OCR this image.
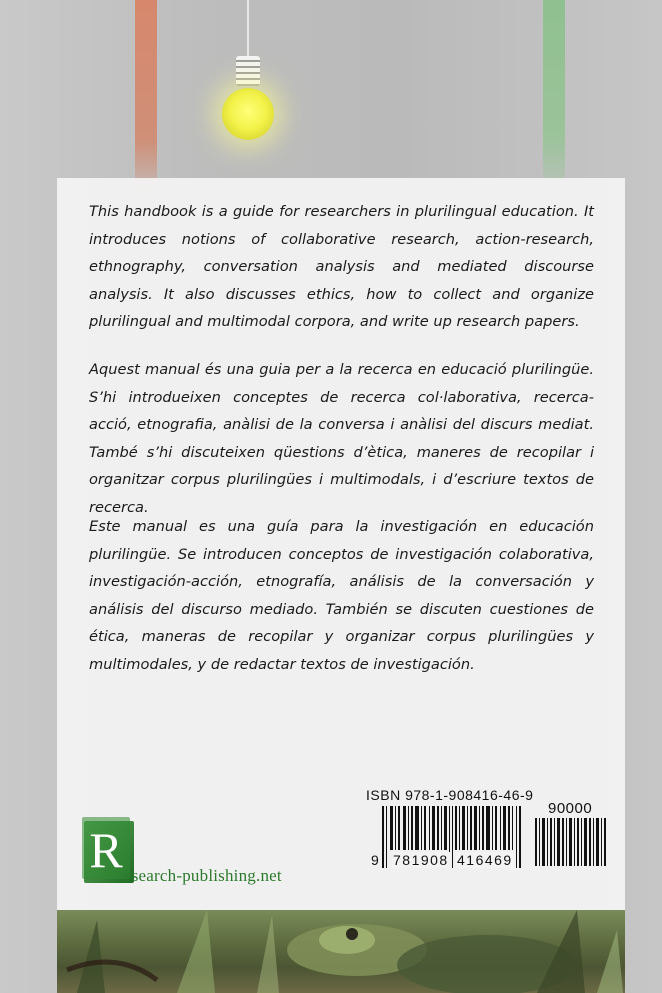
This handbook is a guide for researchers in plurilingual education. It introduces notions of collaborative research, action-research, ethnography, conversation analysis and mediated discourse analysis. It also discusses ethics, how to collect and organize plurilingual and multimodal corpora, and write up research papers.

Aquest manual és una guia per a la recerca en educació plurilingüe. S’hi introdueixen conceptes de recerca col·laborativa, recerca- acció, etnografia, anàlisi de la conversa i anàlisi del discurs mediat. També s’hi discuteixen qüestions d’ètica, maneres de recopilar i organitzar corpus plurilingües i multimodals, i d’escriure textos de recerca.

Este manual es una guía para la investigación en educación plurilingüe. Se introducen conceptos de investigación colaborativa, investigación-acción, etnografía, análisis de la conversación y análisis del discurso mediado. También se discuten cuestiones de ética, maneras de recopilar y organizar corpus plurilingües y multimodales, y de redactar textos de investigación.

ISBN 978-1-908416-46-9
90000
9 781908 416469
R esearch-publishing.net
